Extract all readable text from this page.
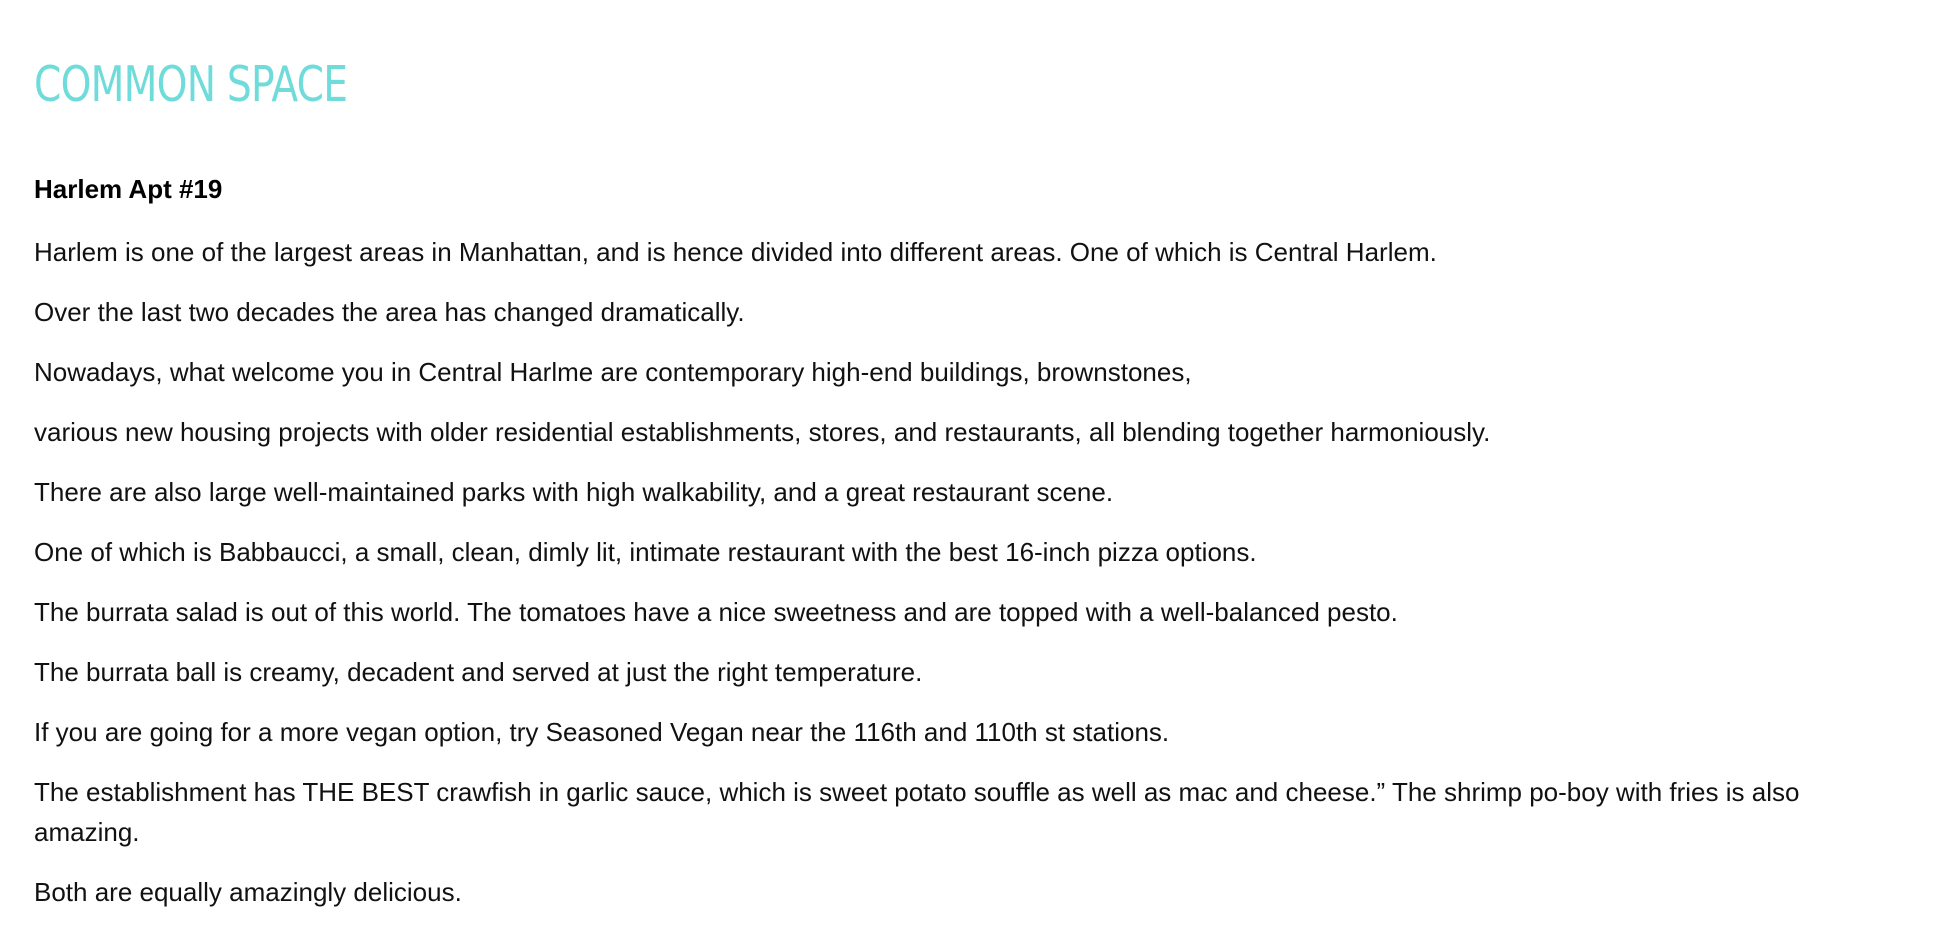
COMMON SPACE
Harlem Apt #19

Harlem is one of the largest areas in Manhattan, and is hence divided into different areas. One of which is Central Harlem.

Over the last two decades the area has changed dramatically.

Nowadays, what welcome you in Central Harlme are contemporary high-end buildings, brownstones,

various new housing projects with older residential establishments, stores, and restaurants, all blending together harmoniously.

There are also large well-maintained parks with high walkability, and a great restaurant scene.

One of which is Babbaucci, a small, clean, dimly lit, intimate restaurant with the best 16-inch pizza options.

The burrata salad is out of this world. The tomatoes have a nice sweetness and are topped with a well-balanced pesto.

The burrata ball is creamy, decadent and served at just the right temperature.

If you are going for a more vegan option, try Seasoned Vegan near the 116th and 110th st stations.

The establishment has THE BEST crawfish in garlic sauce, which is sweet potato souffle as well as mac and cheese.” The shrimp po-boy with fries is also amazing.

Both are equally amazingly delicious.
